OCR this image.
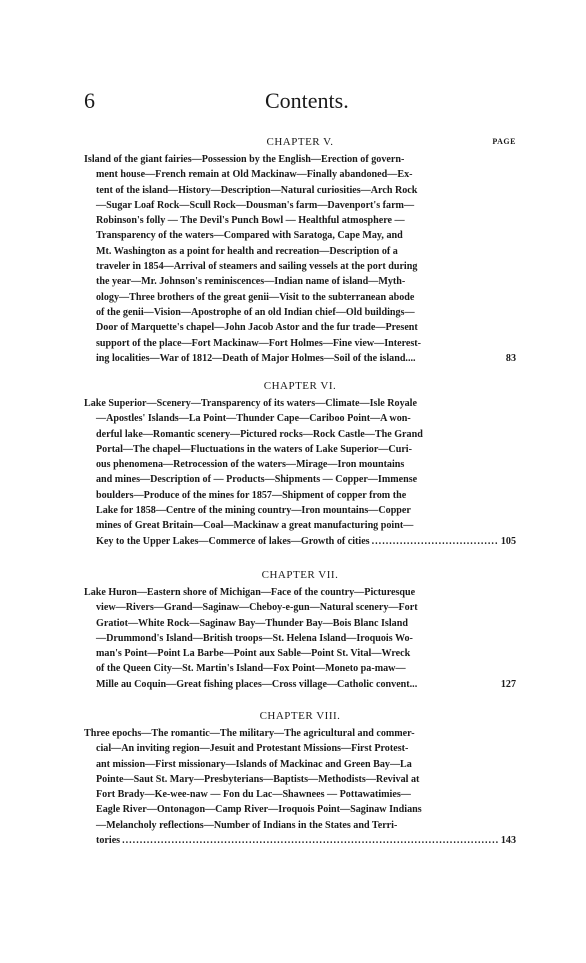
6	Contents.
CHAPTER V.	PAGE
Island of the giant fairies—Possession by the English—Erection of govern-
ment house—French remain at Old Mackinaw—Finally abandoned—Ex-
tent of the island—History—Description—Natural curiosities—Arch Rock
—Sugar Loaf Rock—Scull Rock—Dousman's farm—Davenport's farm—
Robinson's folly — The Devil's Punch Bowl — Healthful atmosphere —
Transparency of the waters—Compared with Saratoga, Cape May, and
Mt. Washington as a point for health and recreation—Description of a
traveler in 1854—Arrival of steamers and sailing vessels at the port during
the year—Mr. Johnson's reminiscences—Indian name of island—Myth-
ology—Three brothers of the great genii—Visit to the subterranean abode
of the genii—Vision—Apostrophe of an old Indian chief—Old buildings—
Door of Marquette's chapel—John Jacob Astor and the fur trade—Present
support of the place—Fort Mackinaw—Fort Holmes—Fine view—Interest-
ing localities—War of 1812—Death of Major Holmes—Soil of the island....	83
CHAPTER VI.
Lake Superior—Scenery—Transparency of its waters—Climate—Isle Royale
—Apostles' Islands—La Point—Thunder Cape—Cariboo Point—A won-
derful lake—Romantic scenery—Pictured rocks—Rock Castle—The Grand
Portal—The chapel—Fluctuations in the waters of Lake Superior—Curi-
ous phenomena—Retrocession of the waters—Mirage—Iron mountains
and mines—Description of — Products—Shipments — Copper—Immense
boulders—Produce of the mines for 1857—Shipment of copper from the
Lake for 1858—Centre of the mining country—Iron mountains—Copper
mines of Great Britain—Coal—Mackinaw a great manufacturing point—
Key to the Upper Lakes—Commerce of lakes—Growth of cities .....	105
CHAPTER VII.
Lake Huron—Eastern shore of Michigan—Face of the country—Picturesque
view—Rivers—Grand—Saginaw—Cheboy-e-gun—Natural scenery—Fort
Gratiot—White Rock—Saginaw Bay—Thunder Bay—Bois Blanc Island
—Drummond's Island—British troops—St. Helena Island—Iroquois Wo-
man's Point—Point La Barbe—Point aux Sable—Point St. Vital—Wreck
of the Queen City—St. Martin's Island—Fox Point—Moneto pa-maw—
Mille au Coquin—Great fishing places—Cross village—Catholic convent...	127
CHAPTER VIII.
Three epochs—The romantic—The military—The agricultural and commer-
cial—An inviting region—Jesuit and Protestant Missions—First Protest-
ant mission—First missionary—Islands of Mackinac and Green Bay—La
Pointe—Saut St. Mary—Presbyterians—Baptists—Methodists—Revival at
Fort Brady—Ke-wee-naw — Fon du Lac—Shawnees — Pottawatimies—
Eagle River—Ontonagon—Camp River—Iroquois Point—Saginaw Indians
—Melancholy reflections—Number of Indians in the States and Terri-
tories .....	143
